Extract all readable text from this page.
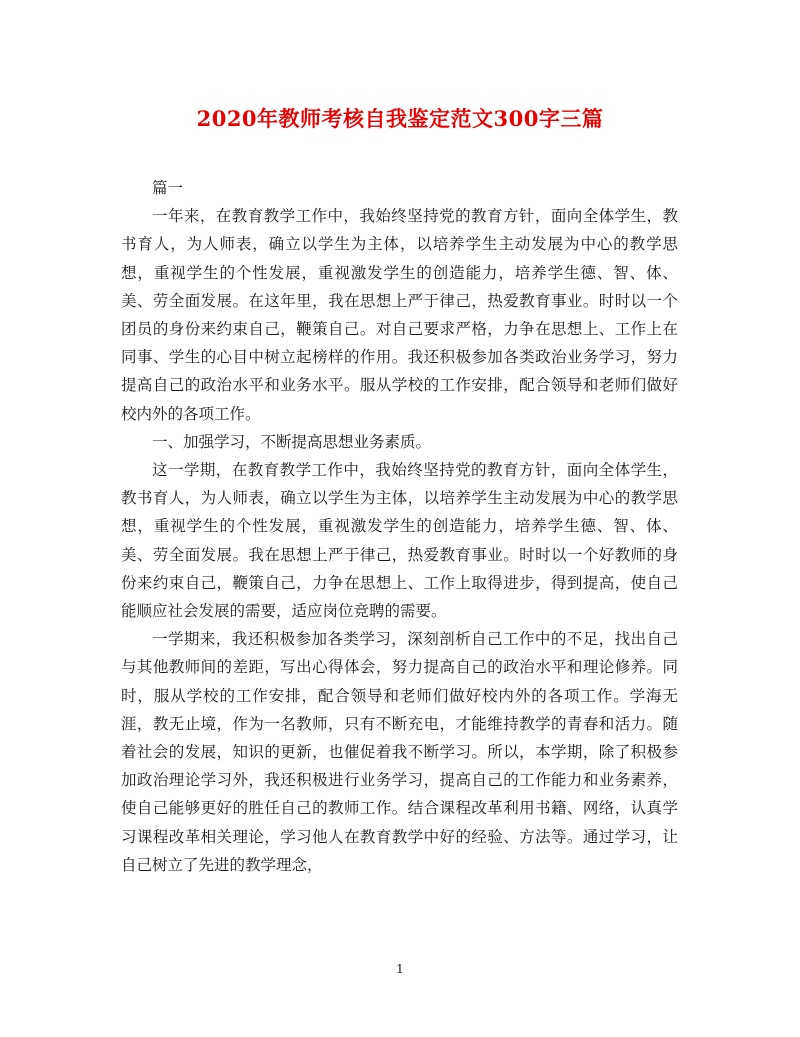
2020年教师考核自我鉴定范文300字三篇

篇一

一年来，在教育教学工作中，我始终坚持党的教育方针，面向全体学生，教书育人，为人师表，确立以学生为主体，以培养学生主动发展为中心的教学思想，重视学生的个性发展，重视激发学生的创造能力，培养学生德、智、体、美、劳全面发展。在这年里，我在思想上严于律己，热爱教育事业。时时以一个团员的身份来约束自己，鞭策自己。对自己要求严格，力争在思想上、工作上在同事、学生的心目中树立起榜样的作用。我还积极参加各类政治业务学习，努力提高自己的政治水平和业务水平。服从学校的工作安排，配合领导和老师们做好校内外的各项工作。

一、加强学习，不断提高思想业务素质。

这一学期，在教育教学工作中，我始终坚持党的教育方针，面向全体学生，教书育人，为人师表，确立以学生为主体，以培养学生主动发展为中心的教学思想，重视学生的个性发展，重视激发学生的创造能力，培养学生德、智、体、美、劳全面发展。我在思想上严于律己，热爱教育事业。时时以一个好教师的身份来约束自己，鞭策自己，力争在思想上、工作上取得进步，得到提高，使自己能顺应社会发展的需要，适应岗位竞聘的需要。

一学期来，我还积极参加各类学习，深刻剖析自己工作中的不足，找出自己与其他教师间的差距，写出心得体会，努力提高自己的政治水平和理论修养。同时，服从学校的工作安排，配合领导和老师们做好校内外的各项工作。学海无涯，教无止境，作为一名教师，只有不断充电，才能维持教学的青春和活力。随着社会的发展，知识的更新，也催促着我不断学习。所以，本学期，除了积极参加政治理论学习外，我还积极进行业务学习，提高自己的工作能力和业务素养，使自己能够更好的胜任自己的教师工作。结合课程改革利用书籍、网络，认真学习课程改革相关理论，学习他人在教育教学中好的经验、方法等。通过学习，让自己树立了先进的教学理念，

1
